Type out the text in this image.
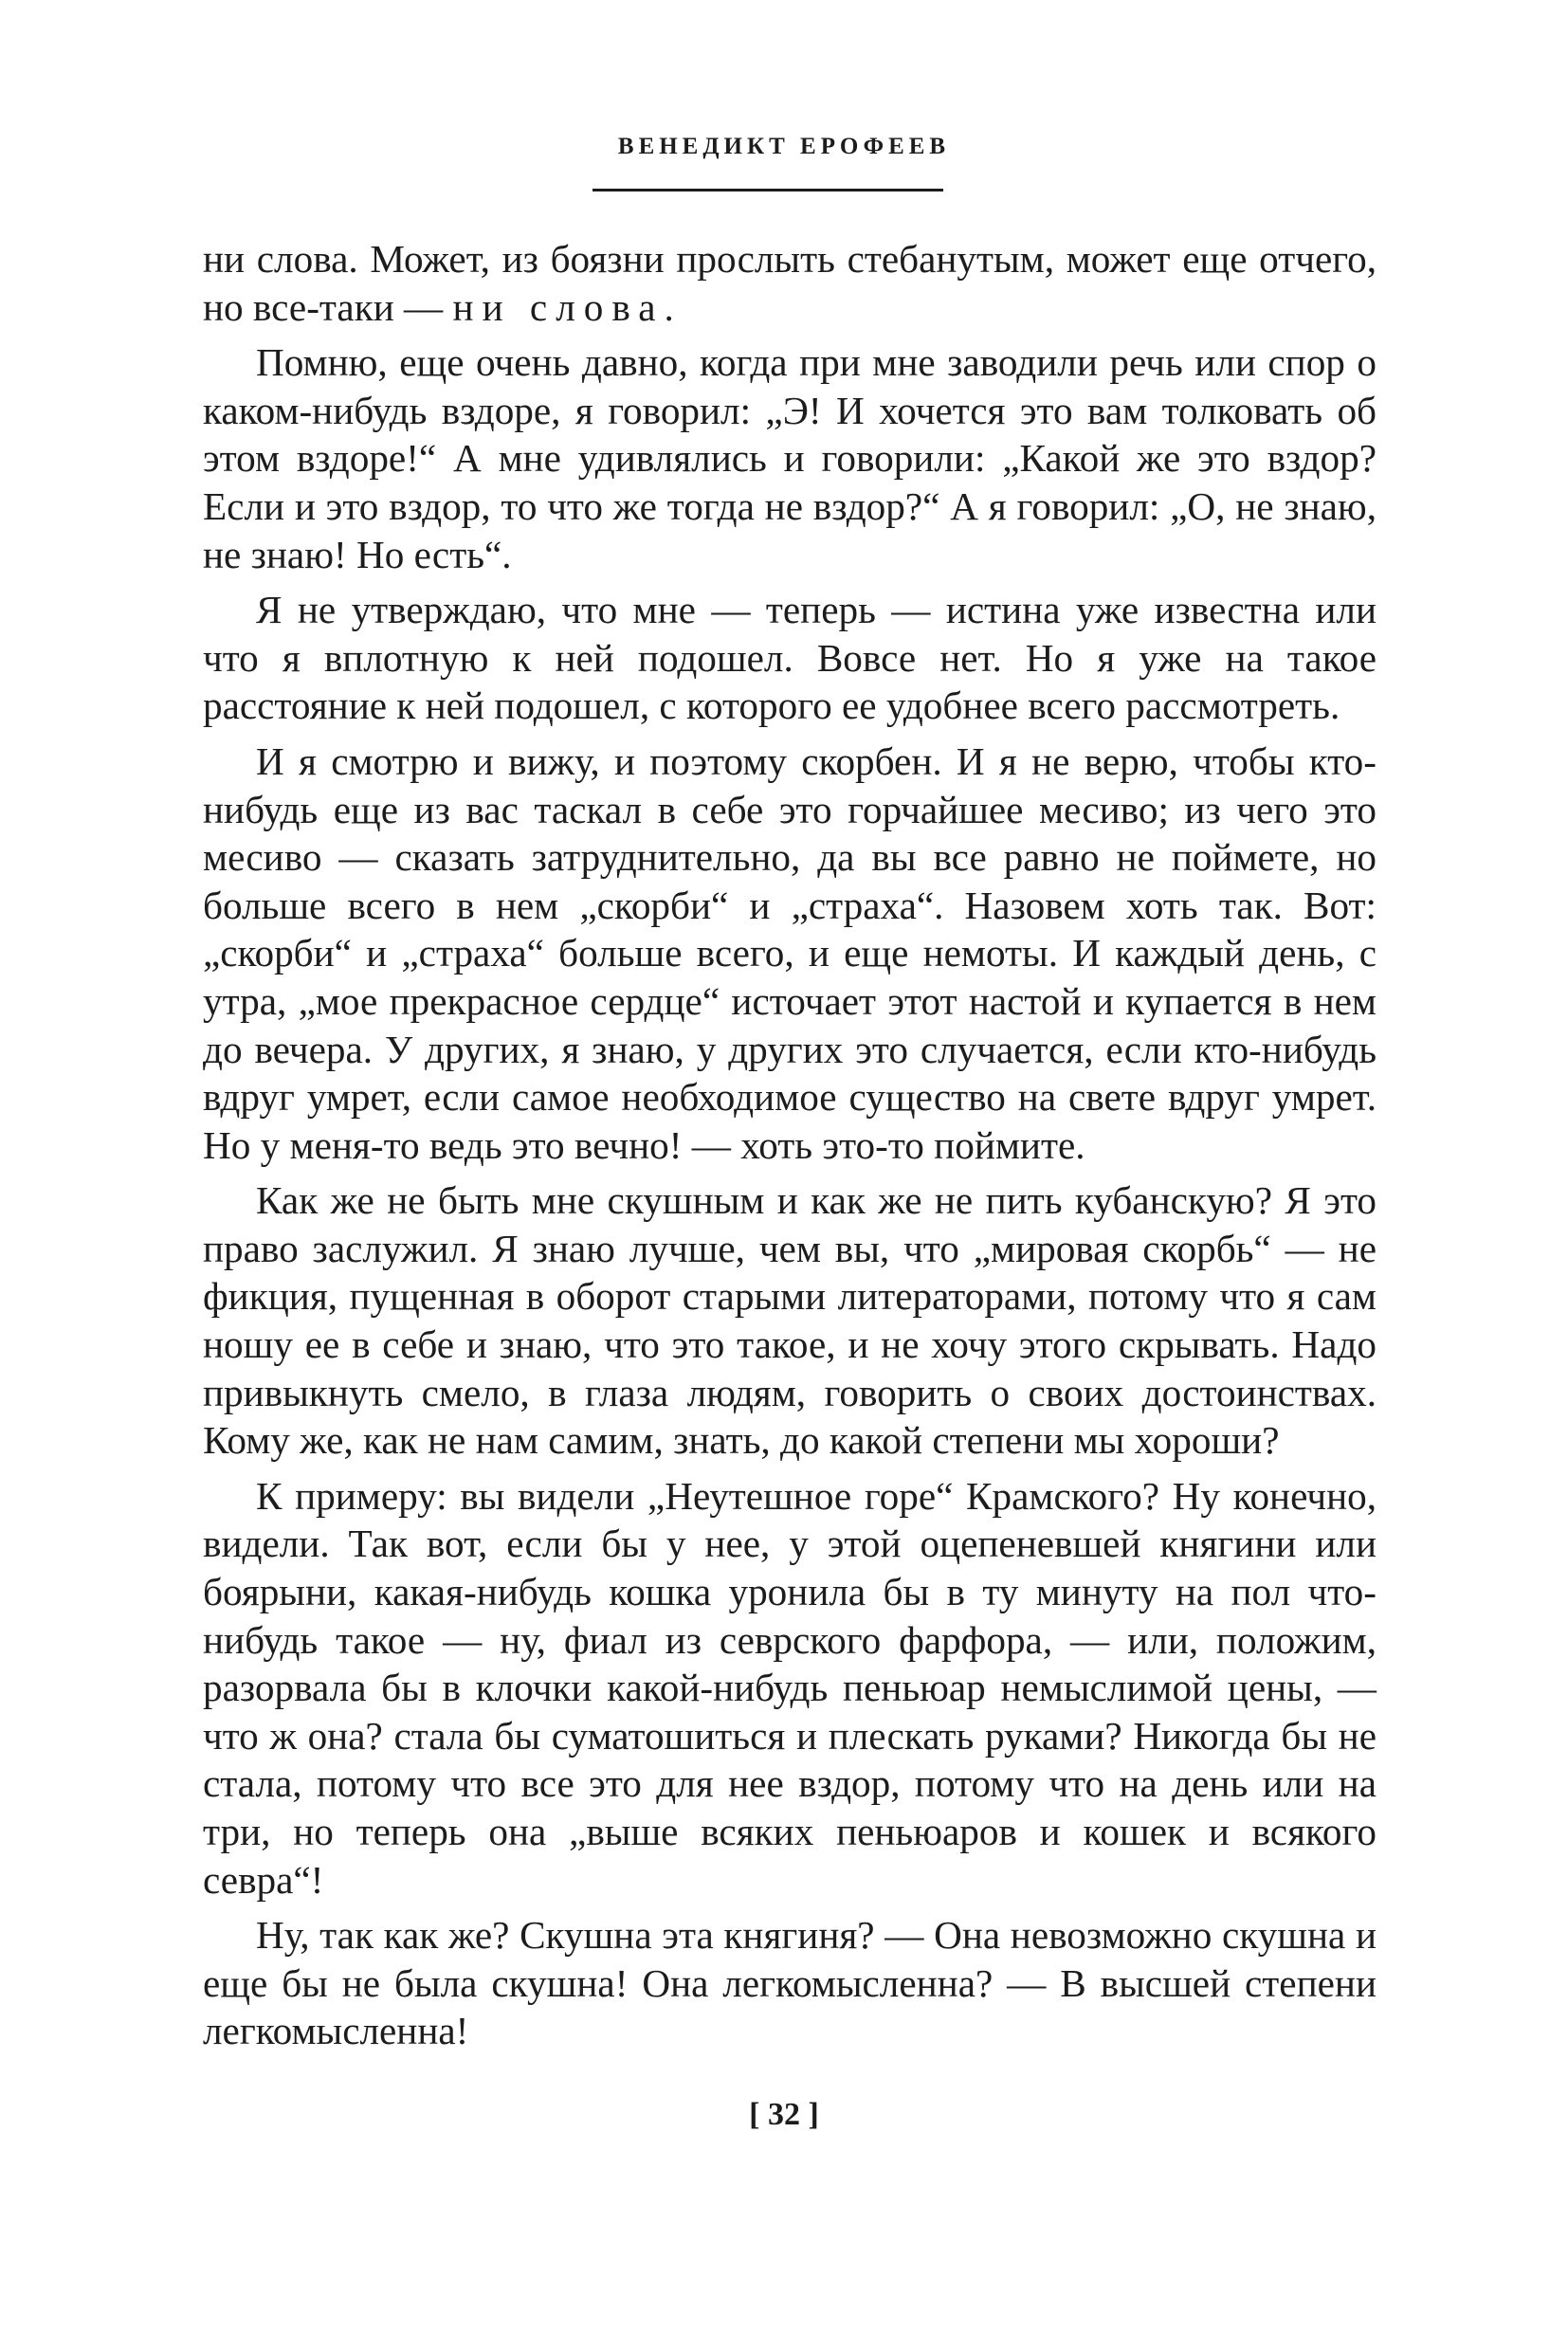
ВЕНЕДИКТ ЕРОФЕЕВ

ни слова. Может, из боязни прослыть стебанутым, может еще отчего, но все-таки — ни слова.

Помню, еще очень давно, когда при мне заводили речь или спор о каком-нибудь вздоре, я говорил: „Э! И хочется это вам толковать об этом вздоре!“ А мне удивлялись и говорили: „Какой же это вздор? Если и это вздор, то что же тогда не вздор?“ А я говорил: „О, не знаю, не знаю! Но есть“.

Я не утверждаю, что мне — теперь — истина уже известна или что я вплотную к ней подошел. Вовсе нет. Но я уже на такое расстояние к ней подошел, с которого ее удобнее всего рассмотреть.

И я смотрю и вижу, и поэтому скорбен. И я не верю, чтобы кто-нибудь еще из вас таскал в себе это горчайшее месиво; из чего это месиво — сказать затруднительно, да вы все равно не поймете, но больше всего в нем „скорби“ и „страха“. Назовем хоть так. Вот: „скорби“ и „страха“ больше всего, и еще немоты. И каждый день, с утра, „мое прекрасное сердце“ источает этот настой и купается в нем до вечера. У других, я знаю, у других это случается, если кто-нибудь вдруг умрет, если самое необходимое существо на свете вдруг умрет. Но у меня-то ведь это вечно! — хоть это-то поймите.

Как же не быть мне скушным и как же не пить кубанскую? Я это право заслужил. Я знаю лучше, чем вы, что „мировая скорбь“ — не фикция, пущенная в оборот старыми литераторами, потому что я сам ношу ее в себе и знаю, что это такое, и не хочу этого скрывать. Надо привыкнуть смело, в глаза людям, говорить о своих достоинствах. Кому же, как не нам самим, знать, до какой степени мы хороши?

К примеру: вы видели „Неутешное горе“ Крамского? Ну конечно, видели. Так вот, если бы у нее, у этой оцепеневшей княгини или боярыни, какая-нибудь кошка уронила бы в ту минуту на пол что-нибудь такое — ну, фиал из севрского фарфора, — или, положим, разорвала бы в клочки какой-нибудь пеньюар немыслимой цены, — что ж она? стала бы суматошиться и плескать руками? Никогда бы не стала, потому что все это для нее вздор, потому что на день или на три, но теперь она „выше всяких пеньюаров и кошек и всякого севра“!

Ну, так как же? Скушна эта княгиня? — Она невозможно скушна и еще бы не была скушна! Она легкомысленна? — В высшей степени легкомысленна!

[ 32 ]
